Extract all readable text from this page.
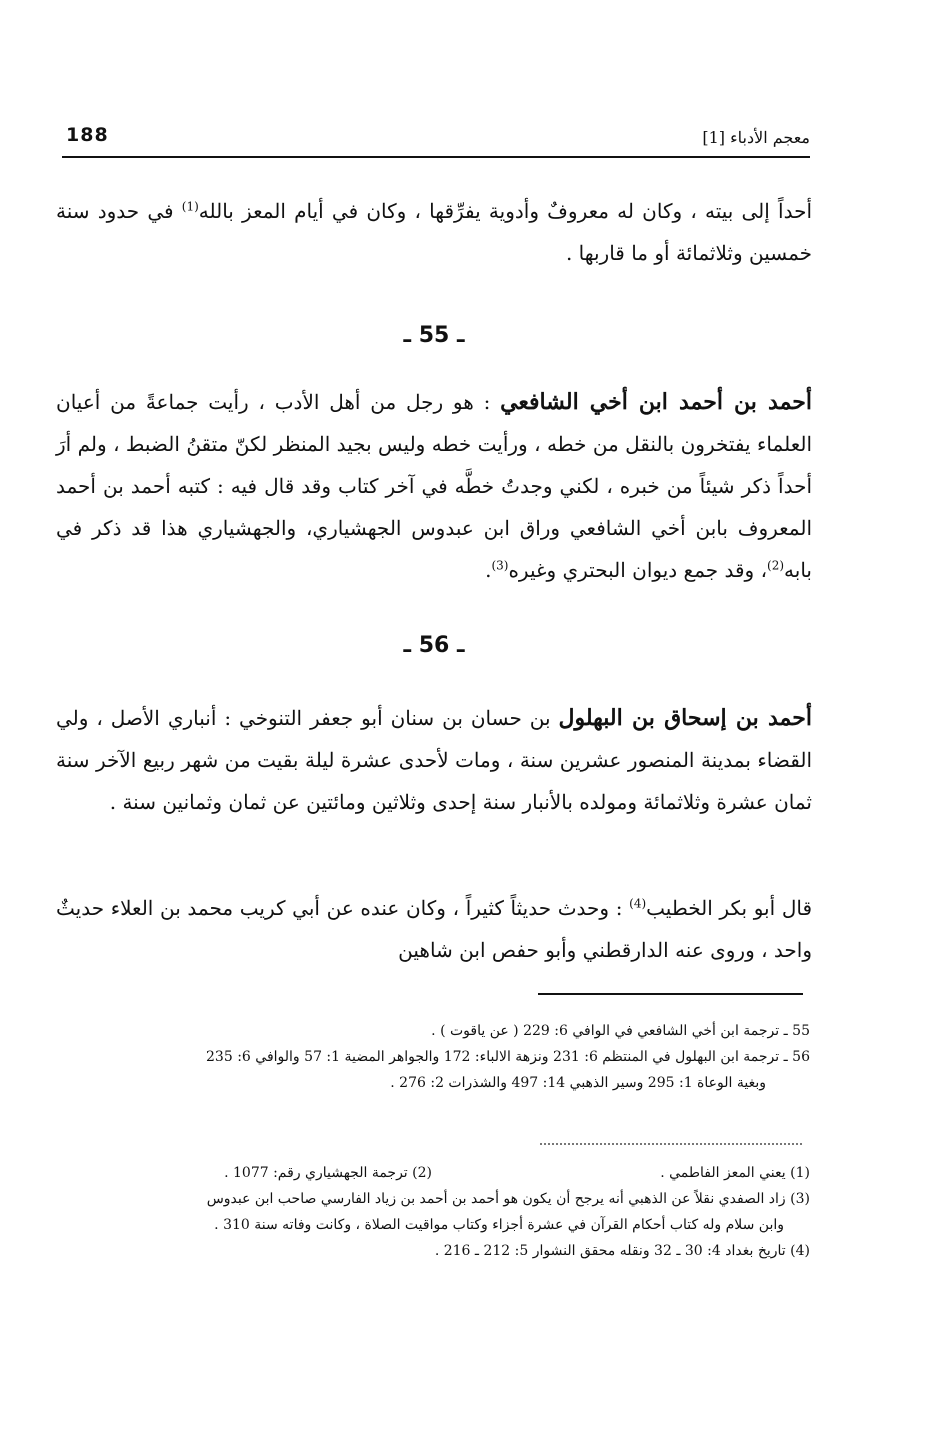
188	معجم الأدباء [1]

أحداً إلى بيته ، وكان له معروفٌ وأدوية يفرِّقها ، وكان في أيام المعز بالله$^{(1)}$ في حدود سنة خمسين وثلاثمائة أو ما قاربها .

ـ 55 ـ

أحمد بن أحمد ابن أخي الشافعي : هو رجل من أهل الأدب ، رأيت جماعةً من أعيان العلماء يفتخرون بالنقل من خطه ، ورأيت خطه وليس بجيد المنظر لكنّ متقنُ الضبط ، ولم أرَ أحداً ذكر شيئاً من خبره ، لكني وجدتُ خطَّه في آخر كتاب وقد قال فيه : كتبه أحمد بن أحمد المعروف بابن أخي الشافعي وراق ابن عبدوس الجهشياري، والجهشياري هذا قد ذكر في بابه$^{(2)}$، وقد جمع ديوان البحتري وغيره$^{(3)}$.

ـ 56 ـ

أحمد بن إسحاق بن البهلول بن حسان بن سنان أبو جعفر التنوخي : أنباري الأصل ، ولي القضاء بمدينة المنصور عشرين سنة ، ومات لأحدى عشرة ليلة بقيت من شهر ربيع الآخر سنة ثمان عشرة وثلاثمائة ومولده بالأنبار سنة إحدى وثلاثين ومائتين عن ثمان وثمانين سنة .

قال أبو بكر الخطيب$^{(4)}$ : وحدث حديثاً كثيراً ، وكان عنده عن أبي كريب محمد بن العلاء حديثٌ واحد ، وروى عنه الدارقطني وأبو حفص ابن شاهين

55 ـ ترجمة ابن أخي الشافعي في الوافي 6: 229 ( عن ياقوت ) .

56 ـ ترجمة ابن البهلول في المنتظم 6: 231 ونزهة الالباء: 172 والجواهر المضية 1: 57 والوافي 6: 235

وبغية الوعاة 1: 295 وسير الذهبي 14: 497 والشذرات 2: 276 .

(1) يعني المعز الفاطمي .
(2) ترجمة الجهشياري رقم: 1077 .

(3) زاد الصفدي نقلاً عن الذهبي أنه يرجح أن يكون هو أحمد بن أحمد بن زياد الفارسي صاحب ابن عبدوس

وابن سلام وله كتاب أحكام القرآن في عشرة أجزاء وكتاب مواقيت الصلاة ، وكانت وفاته سنة 310 .

(4) تاريخ بغداد 4: 30 ـ 32 ونقله محقق النشوار 5: 212 ـ 216 .
